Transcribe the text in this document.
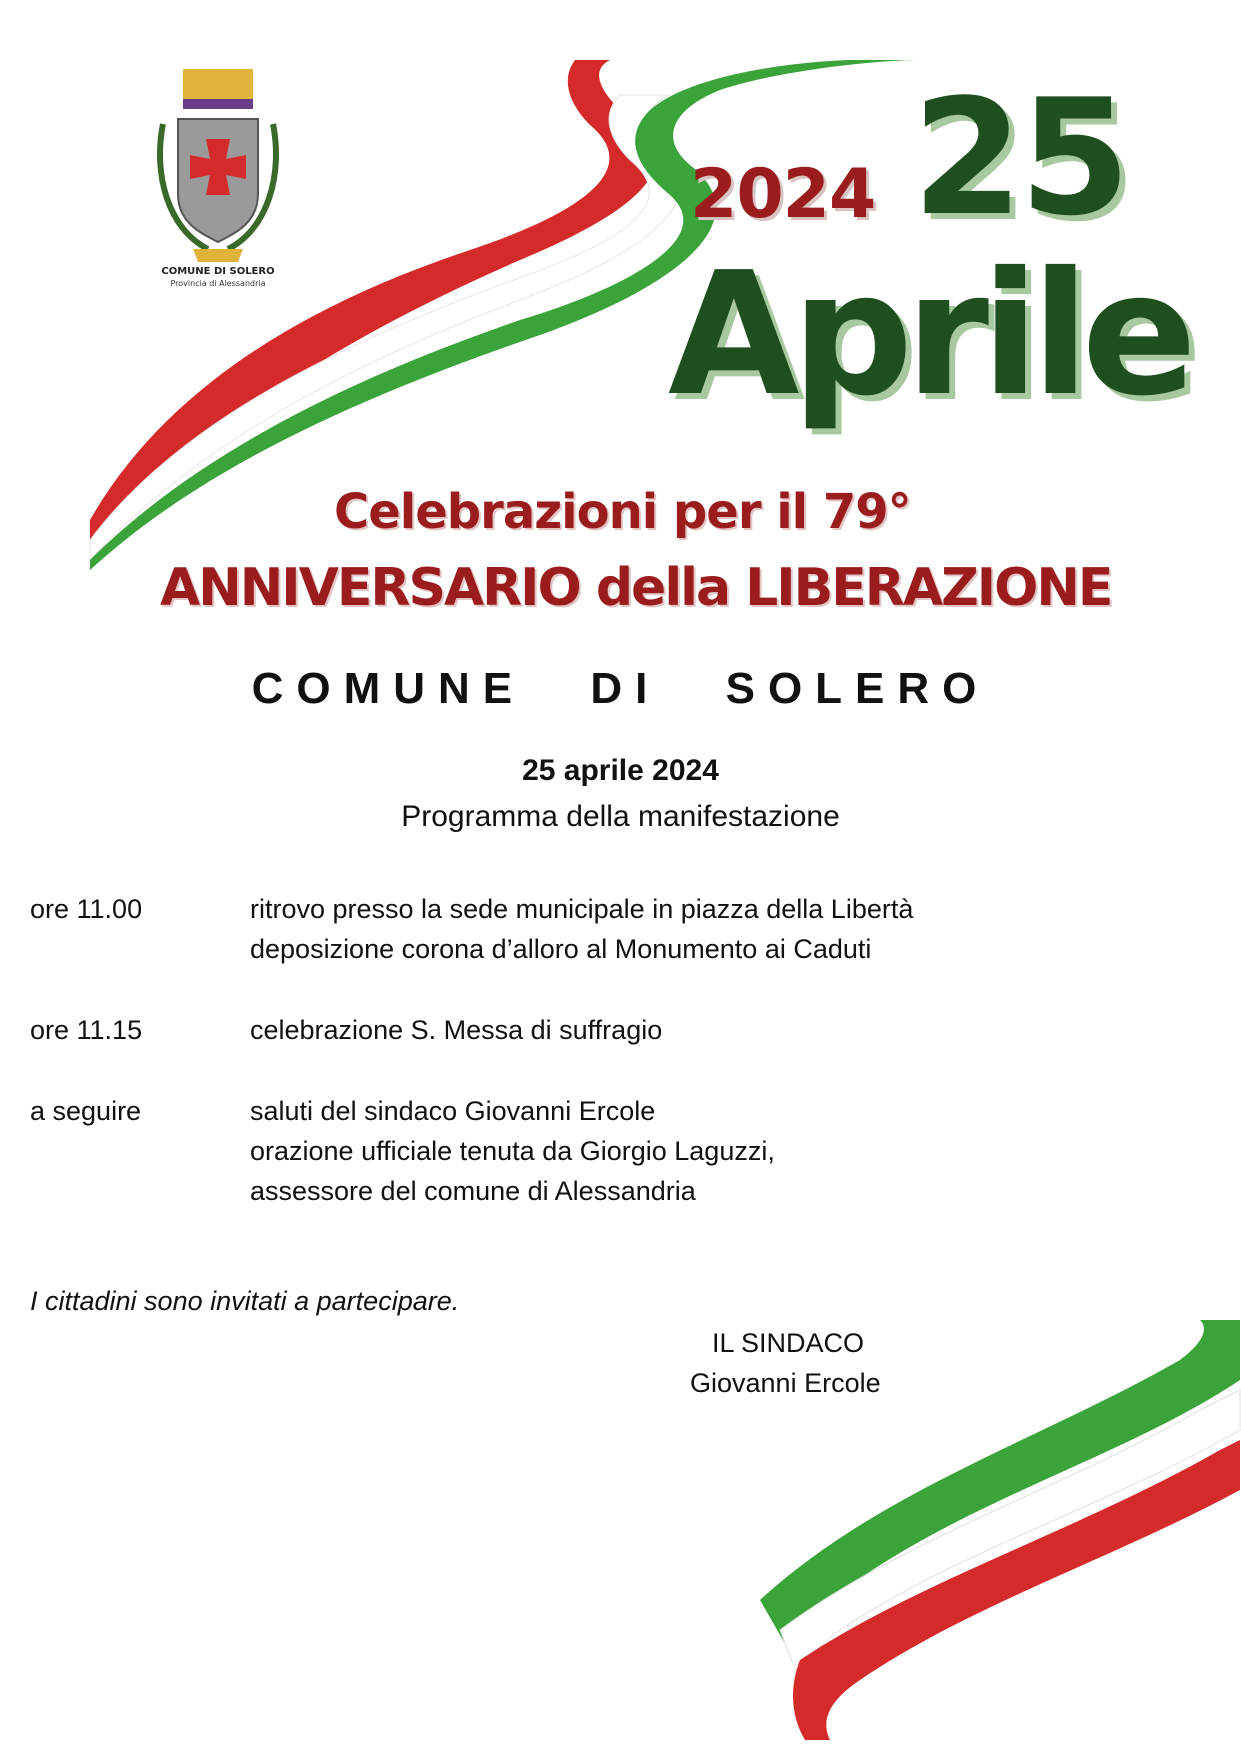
COMUNE DI SOLERO
Provincia di Alessandria
2024 25
Aprile
Celebrazioni per il 79°
ANNIVERSARIO della LIBERAZIONE
COMUNE DI SOLERO
25 aprile 2024
Programma della manifestazione
ore 11.00	ritrovo presso la sede municipale in piazza della Libertà
deposizione corona d’alloro al Monumento ai Caduti
ore 11.15	celebrazione S. Messa di suffragio
a seguire	saluti del sindaco Giovanni Ercole
orazione ufficiale tenuta da Giorgio Laguzzi,
assessore del comune di Alessandria
I cittadini sono invitati a partecipare.
IL SINDACO
Giovanni Ercole
